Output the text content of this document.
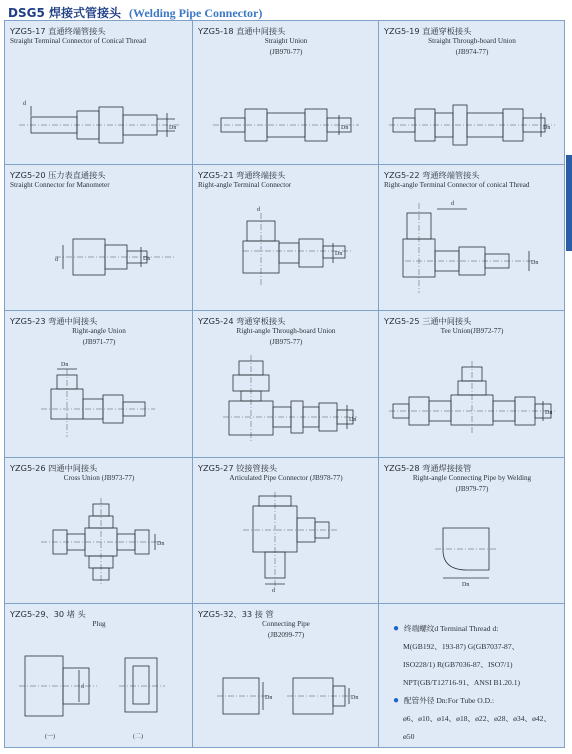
DSG5 焊接式管接头 (Welding Pipe Connector)
YZG5-17 直通终端管接头
Straight Terminal Connector of Conical Thread
d
Dn
YZG5-18 直通中间接头
Straight Union
(JB970-77)
Dn
YZG5-19 直通穿板接头
Straight Through-board Union
(JB974-77)
Dn
YZG5-20 压力表直通接头
Straight Connector for Manometer
d	Dn
YZG5-21 弯通终端接头
Right-angle Terminal Connector
d
Dn
YZG5-22 弯通终端管接头
Right-angle Terminal Connector of conical Thread
d
Dn
YZG5-23 弯通中间接头
Right-angle Union
(JB971-77)
Dn
YZG5-24 弯通穿板接头
Right-angle Through-board Union
(JB975-77)
Dn
YZG5-25 三通中间接头
Tee Union(JB972-77)
Dn
YZG5-26 四通中间接头
Cross Union (JB973-77)
Dn
YZG5-27 铰接管接头
Articulated Pipe Connector (JB978-77)
d
YZG5-28 弯通焊接接管
Right-angle Connecting Pipe by Welding
(JB979-77)
Dn
YZG5-29、30 堵 头
Plug
d
(一)	(二)
YZG5-32、33 接 管
Connecting Pipe
(JB2099-77)
Dn	Dn
● 终端螺纹d Terminal Thread d:
M(GB192、193-87) G(GB7037-87、
ISO228/1) R(GB7036-87、ISO7/1)
NPT(GB/T12716-91、ANSI B1.20.1)
● 配管外径 Dn:For Tube O.D.:
ø6、ø10、ø14、ø18、ø22、ø28、ø34、ø42、
ø50
